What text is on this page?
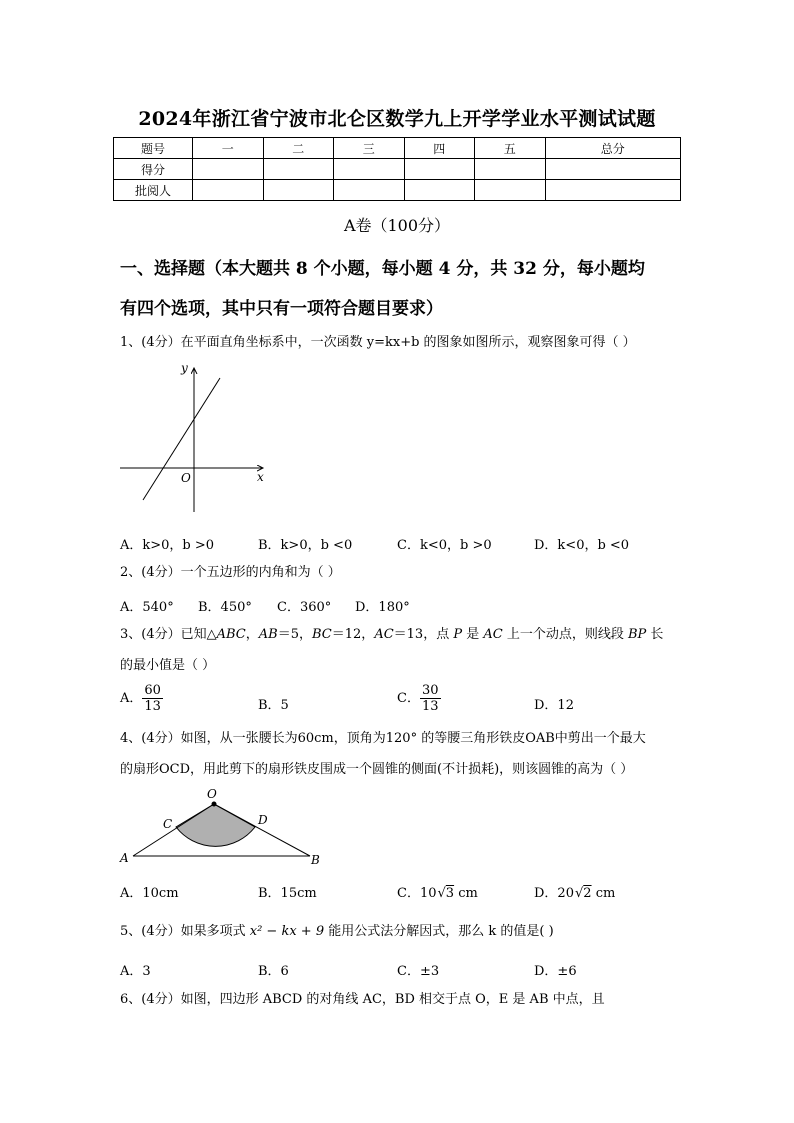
2024年浙江省宁波市北仑区数学九上开学学业水平测试试题
题号	一	二	三	四	五	总分
得分						
批阅人						
A卷（100分）
一、选择题（本大题共 8 个小题，每小题 4 分，共 32 分，每小题均
有四个选项，其中只有一项符合题目要求）
1、(4分）在平面直角坐标系中，一次函数 y=kx+b 的图象如图所示，观察图象可得（ ）
y
x
O
A．k>0，b >0	B．k>0，b <0	C．k<0，b >0	D．k<0，b <0
2、(4分）一个五边形的内角和为（ ）
A．540° B．450° C．360° D．180°
3、(4分）已知△ABC，AB＝5，BC＝12，AC＝13，点 P 是 AC 上一个动点，则线段 BP 长
的最小值是（ ）
A． $\frac{60}{13}$	B．5	C． $\frac{30}{13}$	D．12
4、(4分）如图，从一张腰长为60cm，顶角为120° 的等腰三角形铁皮OAB中剪出一个最大
的扇形OCD，用此剪下的扇形铁皮围成一个圆锥的侧面(不计损耗)，则该圆锥的高为（ ）
O
C	D
A	B
A．10cm	B．15cm	C．10√3 cm	D．20√2 cm
5、(4分）如果多项式 x² − kx + 9 能用公式法分解因式，那么 k 的值是( )
A．3	B．6	C．±3	D．±6
6、(4分）如图，四边形 ABCD 的对角线 AC，BD 相交于点 O，E 是 AB 中点，且
